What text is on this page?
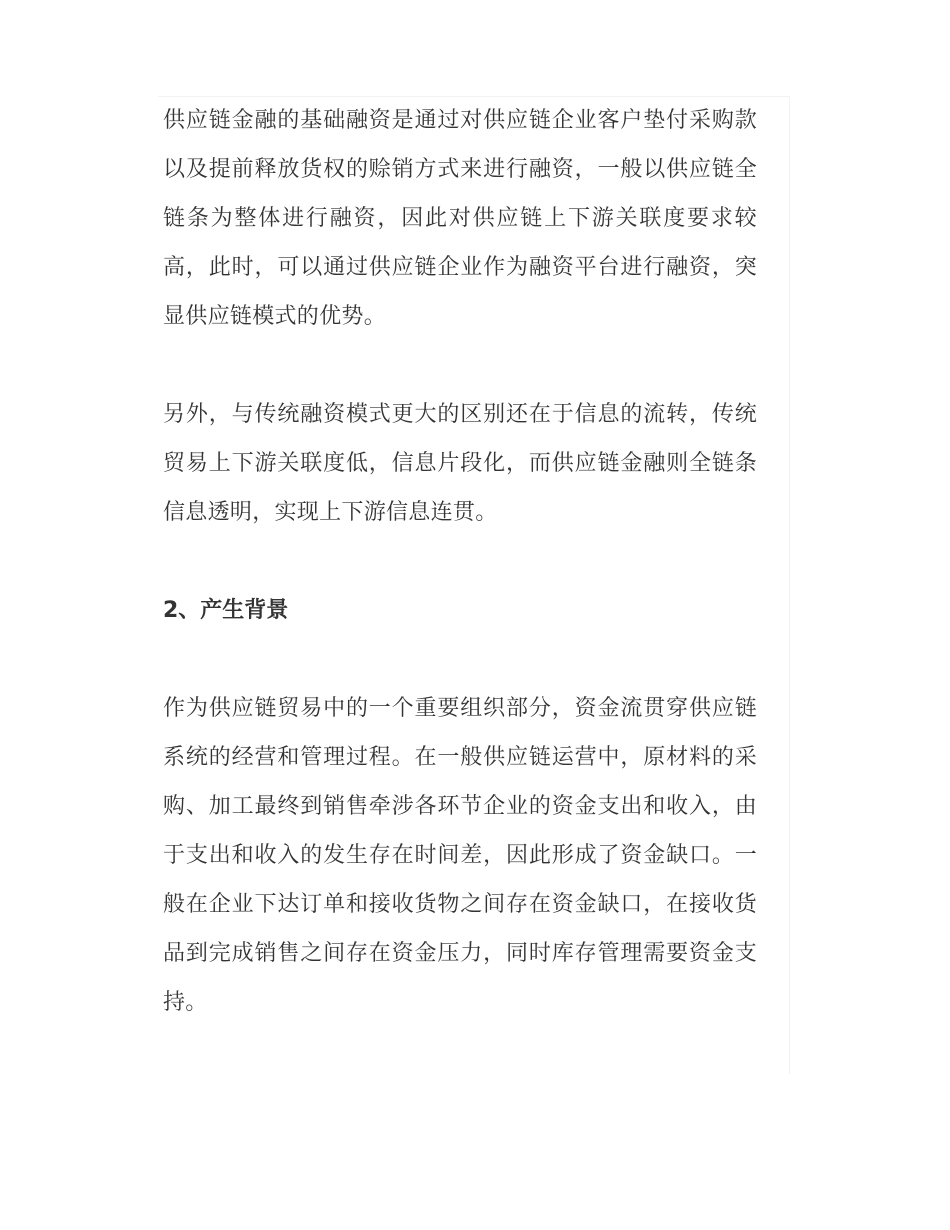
供应链金融的基础融资是通过对供应链企业客户垫付采购款以及提前释放货权的赊销方式来进行融资，一般以供应链全链条为整体进行融资，因此对供应链上下游关联度要求较高，此时，可以通过供应链企业作为融资平台进行融资，突显供应链模式的优势。

另外，与传统融资模式更大的区别还在于信息的流转，传统贸易上下游关联度低，信息片段化，而供应链金融则全链条信息透明，实现上下游信息连贯。

2、产生背景

作为供应链贸易中的一个重要组织部分，资金流贯穿供应链系统的经营和管理过程。在一般供应链运营中，原材料的采购、加工最终到销售牵涉各环节企业的资金支出和收入，由于支出和收入的发生存在时间差，因此形成了资金缺口。一般在企业下达订单和接收货物之间存在资金缺口，在接收货品到完成销售之间存在资金压力，同时库存管理需要资金支持。
